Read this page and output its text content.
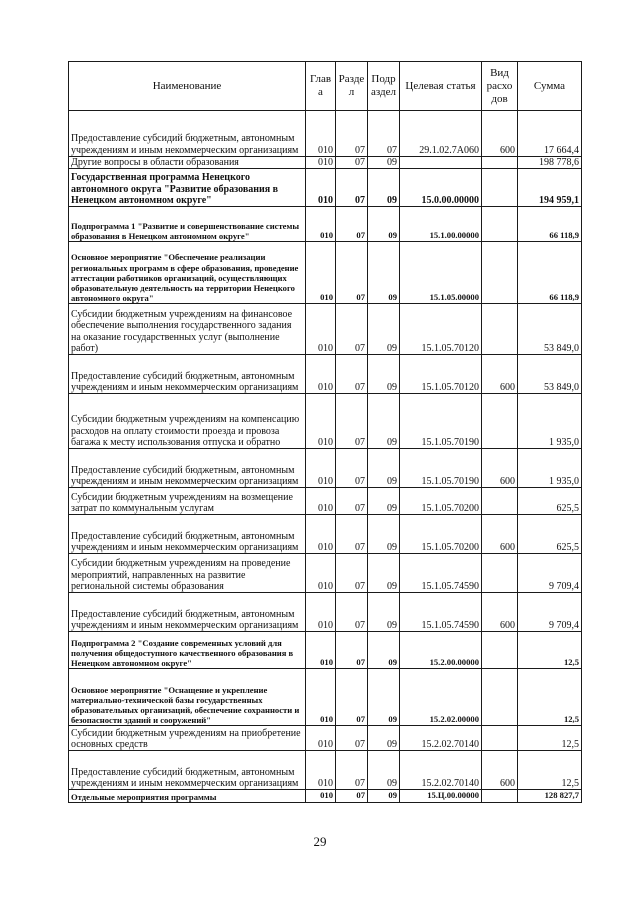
Наименование	Глав а	Разде л	Подр аздел	Целевая статья	Вид расхо дов	Сумма
Предоставление субсидий бюджетным, автономным учреждениям и иным некоммерческим организациям	010	07	07	29.1.02.7А060	600	17 664,4
Другие вопросы в области образования	010	07	09			198 778,6
Государственная программа Ненецкого автономного округа "Развитие образования в Ненецком автономном округе"	010	07	09	15.0.00.00000		194 959,1
Подпрограмма 1 "Развитие и совершенствование системы образования в Ненецком автономном округе"	010	07	09	15.1.00.00000		66 118,9
Основное мероприятие "Обеспечение реализации региональных программ в сфере образования, проведение аттестации работников организаций, осуществляющих образовательную деятельность на территории Ненецкого автономного округа"	010	07	09	15.1.05.00000		66 118,9
Субсидии бюджетным учреждениям на финансовое обеспечение выполнения государственного задания на оказание государственных услуг (выполнение работ)	010	07	09	15.1.05.70120		53 849,0
Предоставление субсидий бюджетным, автономным учреждениям и иным некоммерческим организациям	010	07	09	15.1.05.70120	600	53 849,0
Субсидии бюджетным учреждениям на компенсацию расходов на оплату стоимости проезда и провоза багажа к месту использования отпуска и обратно	010	07	09	15.1.05.70190		1 935,0
Предоставление субсидий бюджетным, автономным учреждениям и иным некоммерческим организациям	010	07	09	15.1.05.70190	600	1 935,0
Субсидии бюджетным учреждениям на возмещение затрат по коммунальным услугам	010	07	09	15.1.05.70200		625,5
Предоставление субсидий бюджетным, автономным учреждениям и иным некоммерческим организациям	010	07	09	15.1.05.70200	600	625,5
Субсидии бюджетным учреждениям на проведение мероприятий, направленных на развитие региональной системы образования	010	07	09	15.1.05.74590		9 709,4
Предоставление субсидий бюджетным, автономным учреждениям и иным некоммерческим организациям	010	07	09	15.1.05.74590	600	9 709,4
Подпрограмма 2 "Создание современных условий для получения общедоступного качественного образования в Ненецком автономном округе"	010	07	09	15.2.00.00000		12,5
Основное мероприятие "Оснащение и укрепление материально-технической базы государственных образовательных организаций, обеспечение сохранности и безопасности зданий и сооружений"	010	07	09	15.2.02.00000		12,5
Субсидии бюджетным учреждениям на приобретение основных средств	010	07	09	15.2.02.70140		12,5
Предоставление субсидий бюджетным, автономным учреждениям и иным некоммерческим организациям	010	07	09	15.2.02.70140	600	12,5
Отдельные мероприятия программы	010	07	09	15.Ц.00.00000		128 827,7
29
